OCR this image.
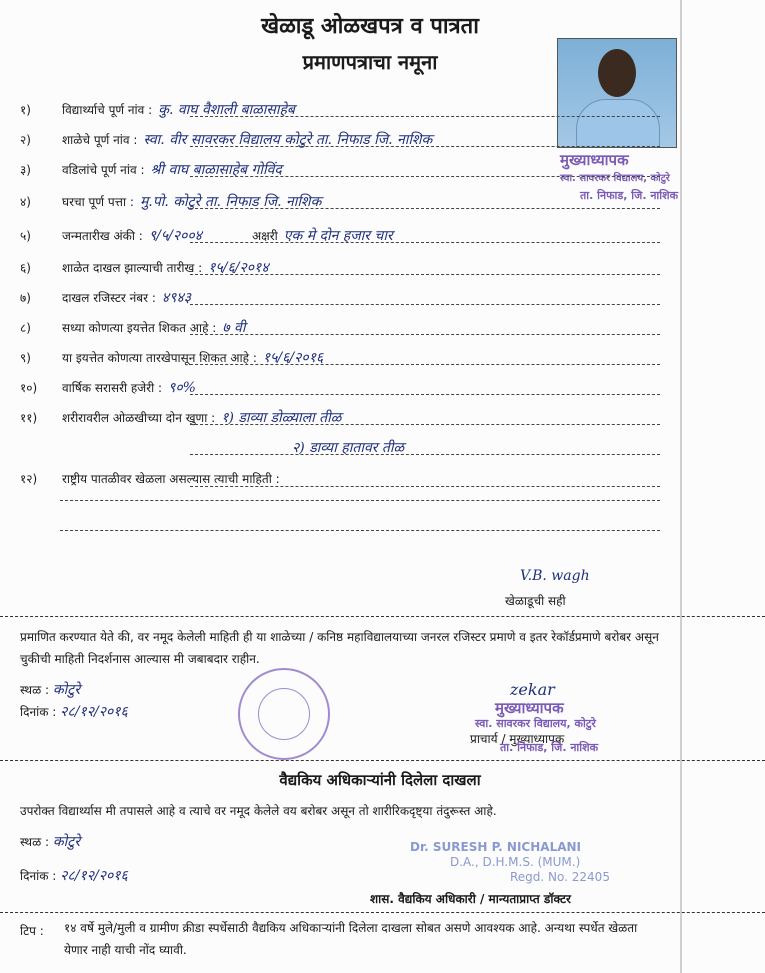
खेळाडू ओळखपत्र व पात्रता
प्रमाणपत्राचा नमूना
मुख्याध्यापक
स्वा. सावरकर विद्यालय, कोटुरे
ता. निफाड, जि. नाशिक
१)	विद्यार्थ्याचे पूर्ण नांव : कु. वाघ वैशाली बाळासाहेब
२)	शाळेचे पूर्ण नांव : स्वा. वीर सावरकर विद्यालय कोटुरे ता. निफाड जि. नाशिक
३)	वडिलांचे पूर्ण नांव : श्री वाघ बाळासाहेब गोविंद
४)	घरचा पूर्ण पत्ता : मु.पो. कोटुरे ता. निफाड जि. नाशिक
५)	जन्मतारीख अंकी : ९/५/२००४	अक्षरी एक मे दोन हजार चार
६)	शाळेत दाखल झाल्याची तारीख : १५/६/२०१४
७)	दाखल रजिस्टर नंबर : ४९४३
८)	सध्या कोणत्या इयत्तेत शिकत आहे : ७ वी
९)	या इयत्तेत कोणत्या तारखेपासून शिकत आहे : १५/६/२०१६
१०) वार्षिक सरासरी हजेरी : ९०%
११) शरीरावरील ओळखीच्या दोन खुणा : १) डाव्या डोळ्याला तीळ
२) डाव्या हातावर तीळ
१२) राष्ट्रीय पातळीवर खेळला असल्यास त्याची माहिती :
V.B. wagh
खेळाडूची सही
प्रमाणित करण्यात येते की, वर नमूद केलेली माहिती ही या शाळेच्या / कनिष्ठ महाविद्यालयाच्या जनरल रजिस्टर प्रमाणे व इतर रेकॉर्डप्रमाणे बरोबर असून चुकीची माहिती निदर्शनास आल्यास मी जबाबदार राहीन.
स्थळ : कोटुरे
दिनांक : २८/१२/२०१६
zekar
मुख्याध्यापक
स्वा. सावरकर विद्यालय, कोटुरे
प्राचार्य / मुख्याध्यापक
ता. निफाड, जि. नाशिक
वैद्यकिय अधिकाऱ्यांनी दिलेला दाखला
उपरोक्त विद्यार्थ्यास मी तपासले आहे व त्याचे वर नमूद केलेले वय बरोबर असून तो शारीरिकदृष्ट्या तंदुरूस्त आहे.
स्थळ : कोटुरे
दिनांक : २८/१२/२०१६
Dr. SURESH P. NICHALANI
D.A., D.H.M.S. (MUM.)
Regd. No. 22405
शास. वैद्यकिय अधिकारी / मान्यताप्राप्त डॉक्टर
टिप : १४ वर्षे मुले/मुली व ग्रामीण क्रीडा स्पर्धेसाठी वैद्यकिय अधिकाऱ्यांनी दिलेला दाखला सोबत असणे आवश्यक आहे. अन्यथा स्पर्धेत खेळता येणार नाही याची नोंद घ्यावी.
